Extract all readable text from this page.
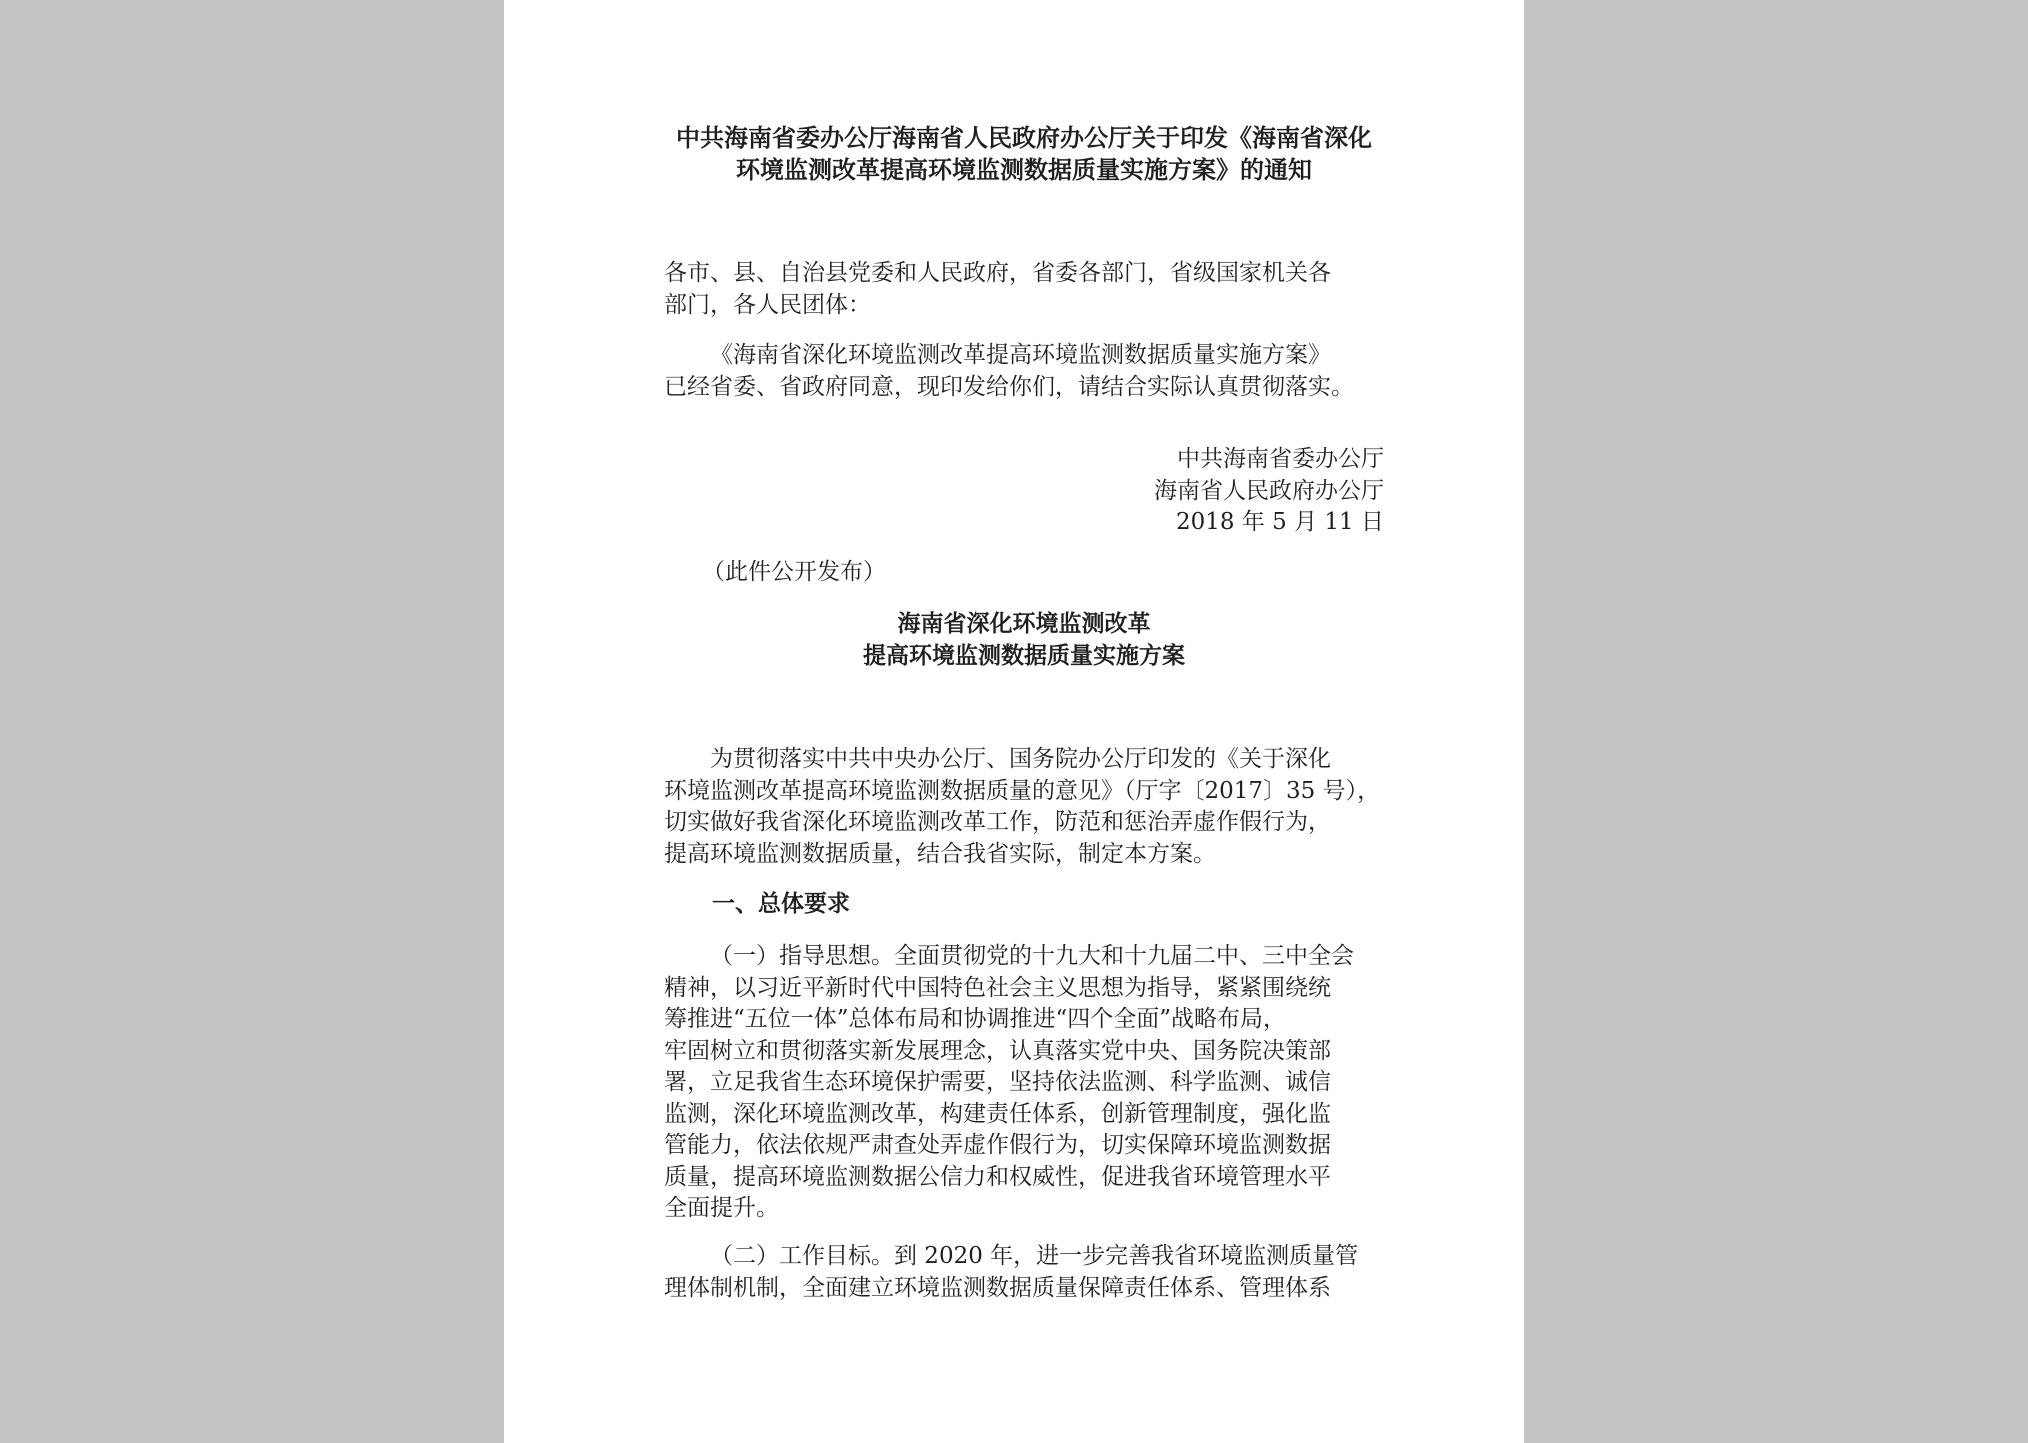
中共海南省委办公厅海南省人民政府办公厅关于印发《海南省深化
环境监测改革提高环境监测数据质量实施方案》的通知
各市、县、自治县党委和人民政府，省委各部门，省级国家机关各
部门，各人民团体：
《海南省深化环境监测改革提高环境监测数据质量实施方案》
已经省委、省政府同意，现印发给你们，请结合实际认真贯彻落实。
中共海南省委办公厅
海南省人民政府办公厅
2018 年 5 月 11 日
（此件公开发布）
海南省深化环境监测改革
提高环境监测数据质量实施方案
为贯彻落实中共中央办公厅、国务院办公厅印发的《关于深化
环境监测改革提高环境监测数据质量的意见》（厅字〔2017〕35 号），
切实做好我省深化环境监测改革工作，防范和惩治弄虚作假行为，
提高环境监测数据质量，结合我省实际，制定本方案。
一、总体要求
（一）指导思想。全面贯彻党的十九大和十九届二中、三中全会
精神，以习近平新时代中国特色社会主义思想为指导，紧紧围绕统
筹推进“五位一体”总体布局和协调推进“四个全面”战略布局，
牢固树立和贯彻落实新发展理念，认真落实党中央、国务院决策部
署，立足我省生态环境保护需要，坚持依法监测、科学监测、诚信
监测，深化环境监测改革，构建责任体系，创新管理制度，强化监
管能力，依法依规严肃查处弄虚作假行为，切实保障环境监测数据
质量，提高环境监测数据公信力和权威性，促进我省环境管理水平
全面提升。
（二）工作目标。到 2020 年，进一步完善我省环境监测质量管
理体制机制，全面建立环境监测数据质量保障责任体系、管理体系
